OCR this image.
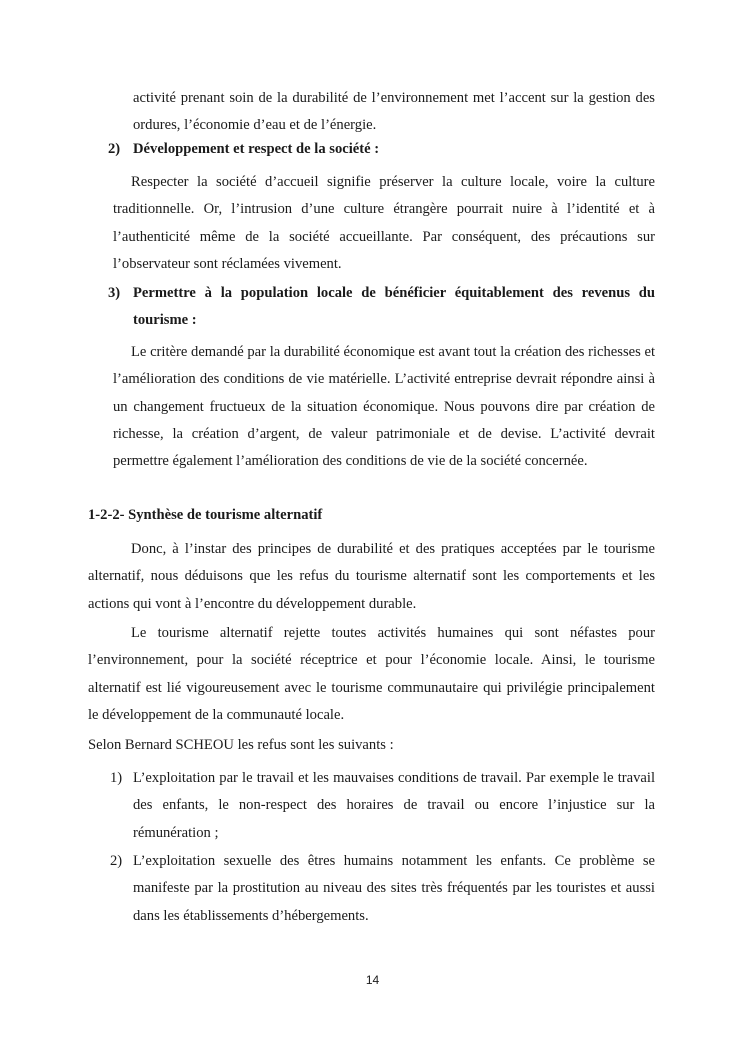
activité prenant soin de la durabilité de l’environnement met l’accent sur la gestion des ordures, l’économie d’eau et de l’énergie.

2) Développement et respect de la société :

Respecter la société d’accueil signifie préserver la culture locale, voire la culture traditionnelle. Or, l’intrusion d’une culture étrangère pourrait nuire à l’identité et à l’authenticité même de la société accueillante. Par conséquent, des précautions sur l’observateur sont réclamées vivement.

3) Permettre à la population locale de bénéficier équitablement des revenus du tourisme :

Le critère demandé par la durabilité économique est avant tout la création des richesses et l’amélioration des conditions de vie matérielle. L’activité entreprise devrait répondre ainsi à un changement fructueux de la situation économique. Nous pouvons dire par création de richesse, la création d’argent, de valeur patrimoniale et de devise. L’activité devrait permettre également l’amélioration des conditions de vie de la société concernée.

1-2-2- Synthèse de tourisme alternatif

Donc, à l’instar des principes de durabilité et des pratiques acceptées par le tourisme alternatif, nous déduisons que les refus du tourisme alternatif sont les comportements et les actions qui vont à l’encontre du développement durable.

Le tourisme alternatif rejette toutes activités humaines qui sont néfastes pour l’environnement, pour la société réceptrice et pour l’économie locale. Ainsi, le tourisme alternatif est lié vigoureusement avec le tourisme communautaire qui privilégie principalement le développement de la communauté locale.

Selon Bernard SCHEOU les refus sont les suivants :
1) L’exploitation par le travail et les mauvaises conditions de travail. Par exemple le travail des enfants, le non-respect des horaires de travail ou encore l’injustice sur la rémunération ;

2) L’exploitation sexuelle des êtres humains notamment les enfants. Ce problème se manifeste par la prostitution au niveau des sites très fréquentés par les touristes et aussi dans les établissements d’hébergements.

14
